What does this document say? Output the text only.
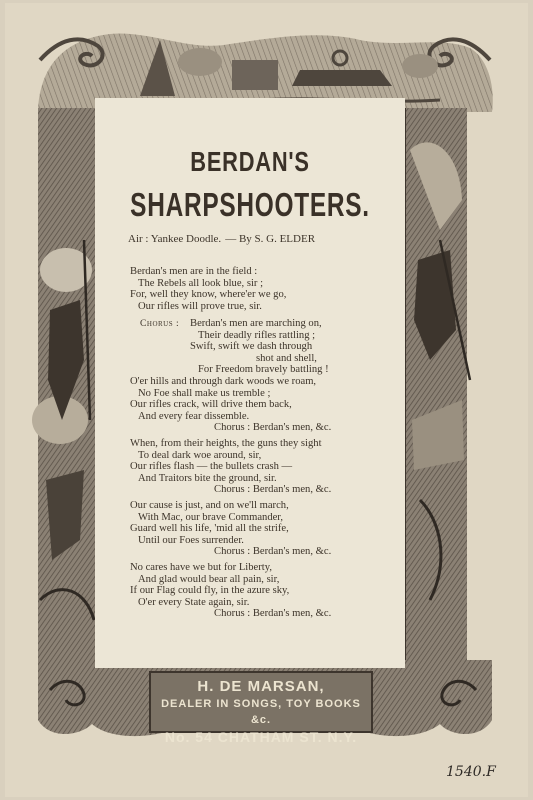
BERDAN'S
SHARPSHOOTERS.
Air : Yankee Doodle. — By S. G. ELDER
Berdan's men are in the field :
The Rebels all look blue, sir ;
For, well they know, where'er we go,
Our rifles will prove true, sir.
Chorus : Berdan's men are marching on,
Their deadly rifles rattling ;
Swift, swift we dash through
shot and shell,
For Freedom bravely battling !
O'er hills and through dark woods we roam,
No Foe shall make us tremble ;
Our rifles crack, will drive them back,
And every fear dissemble.
Chorus : Berdan's men, &c.
When, from their heights, the guns they sight
To deal dark woe around, sir,
Our rifles flash — the bullets crash —
And Traitors bite the ground, sir.
Chorus : Berdan's men, &c.
Our cause is just, and on we'll march,
With Mac, our brave Commander,
Guard well his life, 'mid all the strife,
Until our Foes surrender.
Chorus : Berdan's men, &c.
No cares have we but for Liberty,
And glad would bear all pain, sir,
If our Flag could fly, in the azure sky,
O'er every State again, sir.
Chorus : Berdan's men, &c.
H. DE MARSAN,
DEALER IN SONGS, TOY BOOKS &c.
No. 54 CHATHAM ST. N.Y.
1540.F
